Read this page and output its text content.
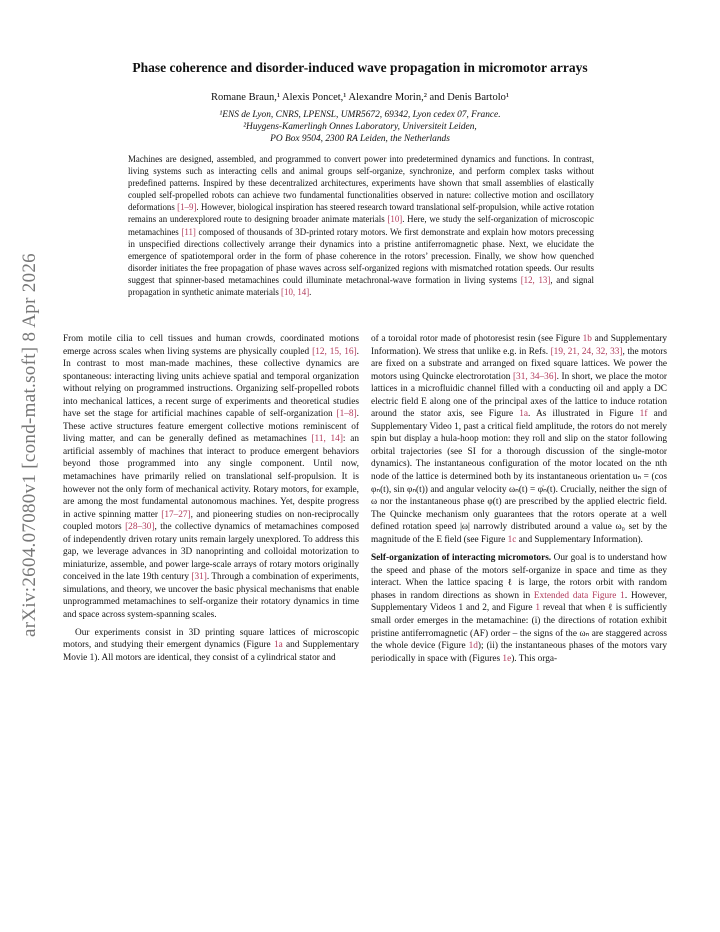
arXiv:2604.07080v1 [cond-mat.soft] 8 Apr 2026
Phase coherence and disorder-induced wave propagation in micromotor arrays
Romane Braun,¹ Alexis Poncet,¹ Alexandre Morin,² and Denis Bartolo¹
¹ENS de Lyon, CNRS, LPENSL, UMR5672, 69342, Lyon cedex 07, France.
²Huygens-Kamerlingh Onnes Laboratory, Universiteit Leiden,
PO Box 9504, 2300 RA Leiden, the Netherlands
Machines are designed, assembled, and programmed to convert power into predetermined dynamics and functions. In contrast, living systems such as interacting cells and animal groups self-organize, synchronize, and perform complex tasks without predefined patterns. Inspired by these decentralized architectures, experiments have shown that small assemblies of elastically coupled self-propelled robots can achieve two fundamental functionalities observed in nature: collective motion and oscillatory deformations [1–9]. However, biological inspiration has steered research toward translational self-propulsion, while active rotation remains an underexplored route to designing broader animate materials [10]. Here, we study the self-organization of microscopic metamachines [11] composed of thousands of 3D-printed rotary motors. We first demonstrate and explain how motors precessing in unspecified directions collectively arrange their dynamics into a pristine antiferromagnetic phase. Next, we elucidate the emergence of spatiotemporal order in the form of phase coherence in the rotors’ precession. Finally, we show how quenched disorder initiates the free propagation of phase waves across self-organized regions with mismatched rotation speeds. Our results suggest that spinner-based metamachines could illuminate metachronal-wave formation in living systems [12, 13], and signal propagation in synthetic animate materials [10, 14].

From motile cilia to cell tissues and human crowds, coordinated motions emerge across scales when living systems are physically coupled [12, 15, 16]. In contrast to most man-made machines, these collective dynamics are spontaneous: interacting living units achieve spatial and temporal organization without relying on programmed instructions. Organizing self-propelled robots into mechanical lattices, a recent surge of experiments and theoretical studies have set the stage for artificial machines capable of self-organization [1–8]. These active structures feature emergent collective motions reminiscent of living matter, and can be generally defined as metamachines [11, 14]: an artificial assembly of machines that interact to produce emergent behaviors beyond those programmed into any single component. Until now, metamachines have primarily relied on translational self-propulsion. It is however not the only form of mechanical activity. Rotary motors, for example, are among the most fundamental autonomous machines. Yet, despite progress in active spinning matter [17–27], and pioneering studies on non-reciprocally coupled motors [28–30], the collective dynamics of metamachines composed of independently driven rotary units remain largely unexplored. To address this gap, we leverage advances in 3D nanoprinting and colloidal motorization to miniaturize, assemble, and power large-scale arrays of rotary motors originally conceived in the late 19th century [31]. Through a combination of experiments, simulations, and theory, we uncover the basic physical mechanisms that enable unprogrammed metamachines to self-organize their rotatory dynamics in time and space across system-spanning scales.

Our experiments consist in 3D printing square lattices of microscopic motors, and studying their emergent dynamics (Figure 1a and Supplementary Movie 1). All motors are identical, they consist of a cylindrical stator and

of a toroidal rotor made of photoresist resin (see Figure 1b and Supplementary Information). We stress that unlike e.g. in Refs. [19, 21, 24, 32, 33], the motors are fixed on a substrate and arranged on fixed square lattices. We power the motors using Quincke electrorotation [31, 34–36]. In short, we place the motor lattices in a microfluidic channel filled with a conducting oil and apply a DC electric field E along one of the principal axes of the lattice to induce rotation around the stator axis, see Figure 1a. As illustrated in Figure 1f and Supplementary Video 1, past a critical field amplitude, the rotors do not merely spin but display a hula-hoop motion: they roll and slip on the stator following orbital trajectories (see SI for a thorough discussion of the single-motor dynamics). The instantaneous configuration of the motor located on the nth node of the lattice is determined both by its instantaneous orientation uₙ = (cos φₙ(t), sin φₙ(t)) and angular velocity ωₙ(t) = φ̇ₙ(t). Crucially, neither the sign of ω nor the instantaneous phase φ(t) are prescribed by the applied electric field. The Quincke mechanism only guarantees that the rotors operate at a well defined rotation speed |ω| narrowly distributed around a value ω₀ set by the magnitude of the E field (see Figure 1c and Supplementary Information).

Self-organization of interacting micromotors. Our goal is to understand how the speed and phase of the motors self-organize in space and time as they interact. When the lattice spacing ℓ is large, the rotors orbit with random phases in random directions as shown in Extended data Figure 1. However, Supplementary Videos 1 and 2, and Figure 1 reveal that when ℓ is sufficiently small order emerges in the metamachine: (i) the directions of rotation exhibit pristine antiferromagnetic (AF) order – the signs of the ωₙ are staggered across the whole device (Figure 1d); (ii) the instantaneous phases of the motors vary periodically in space with (Figures 1e). This orga-
